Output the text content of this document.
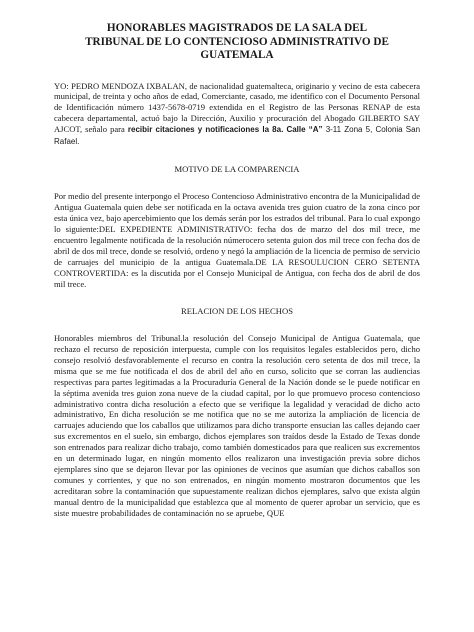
HONORABLES MAGISTRADOS DE LA SALA DEL
TRIBUNAL DE LO CONTENCIOSO ADMINISTRATIVO DE
GUATEMALA

YO: PEDRO MENDOZA IXBALAN, de nacionalidad guatemalteca, originario y vecino de esta cabecera municipal, de treinta y ocho años de edad, Comerciante, casado, me identifico con el Documento Personal de Identificación número 1437-5678-0719 extendida en el Registro de las Personas RENAP de esta cabecera departamental, actuó bajo la Dirección, Auxilio y procuración del Abogado GILBERTO SAY AJCOT, señalo para recibir citaciones y notificaciones la 8a. Calle “A” 3-11 Zona 5, Colonia San Rafael.

MOTIVO DE LA COMPARENCIA

Por medio del presente interpongo el Proceso Contencioso Administrativo encontra de la Municipalidad de Antigua Guatemala quien debe ser notificada en la octava avenida tres guion cuatro de la zona cinco por esta única vez, bajo apercebimiento que los demás serán por los estrados del tribunal. Para lo cual expongo lo siguiente:DEL EXPEDIENTE ADMINISTRATIVO: fecha dos de marzo del dos mil trece, me encuentro legalmente notificada de la resolución númerocero setenta guion dos mil trece con fecha dos de abril de dos mil trece, donde se resolvió, ordeno y negó la ampliación de la licencia de permiso de servicio de carruajes del municipio de la antigua Guatemala.DE LA RESOULUCION CERO SETENTA CONTROVERTIDA: es la discutida por el Consejo Municipal de Antigua, con fecha dos de abril de dos mil trece.

RELACION DE LOS HECHOS

Honorables miembros del Tribunal.la resolución del Consejo Municipal de Antigua Guatemala, que rechazo el recurso de reposición interpuesta, cumple con los requisitos legales establecidos pero, dicho consejo resolvió desfavorablemente el recurso en contra la resolución cero setenta de dos mil trece, la misma que se me fue notificada el dos de abril del año en curso, solicito que se corran las audiencias respectivas para partes legitimadas a la Procuraduría General de la Nación donde se le puede notificar en la séptima avenida tres guion zona nueve de la ciudad capital, por lo que promuevo proceso contencioso administrativo contra dicha resolución a efecto que se verifique la legalidad y veracidad de dicho acto administrativo, En dicha resolución se me notifica que no se me autoriza la ampliación de licencia de carruajes aduciendo que los caballos que utilizamos para dicho transporte ensucian las calles dejando caer sus excrementos en el suelo, sin embargo, dichos ejemplares son traídos desde la Estado de Texas donde son entrenados para realizar dicho trabajo, como también domesticados para que realicen sus excrementos en un determinado lugar, en ningún momento ellos realizaron una investigación previa sobre dichos ejemplares sino que se dejaron llevar por las opiniones de vecinos que asumían que dichos caballos son comunes y corrientes, y que no son entrenados, en ningún momento mostraron documentos que les acreditaran sobre la contaminación que supuestamente realizan dichos ejemplares, salvo que exista algún manual dentro de la municipalidad que establezca que al momento de querer aprobar un servicio, que es siste muestre probabilidades de contaminación no se apruebe, QUE
